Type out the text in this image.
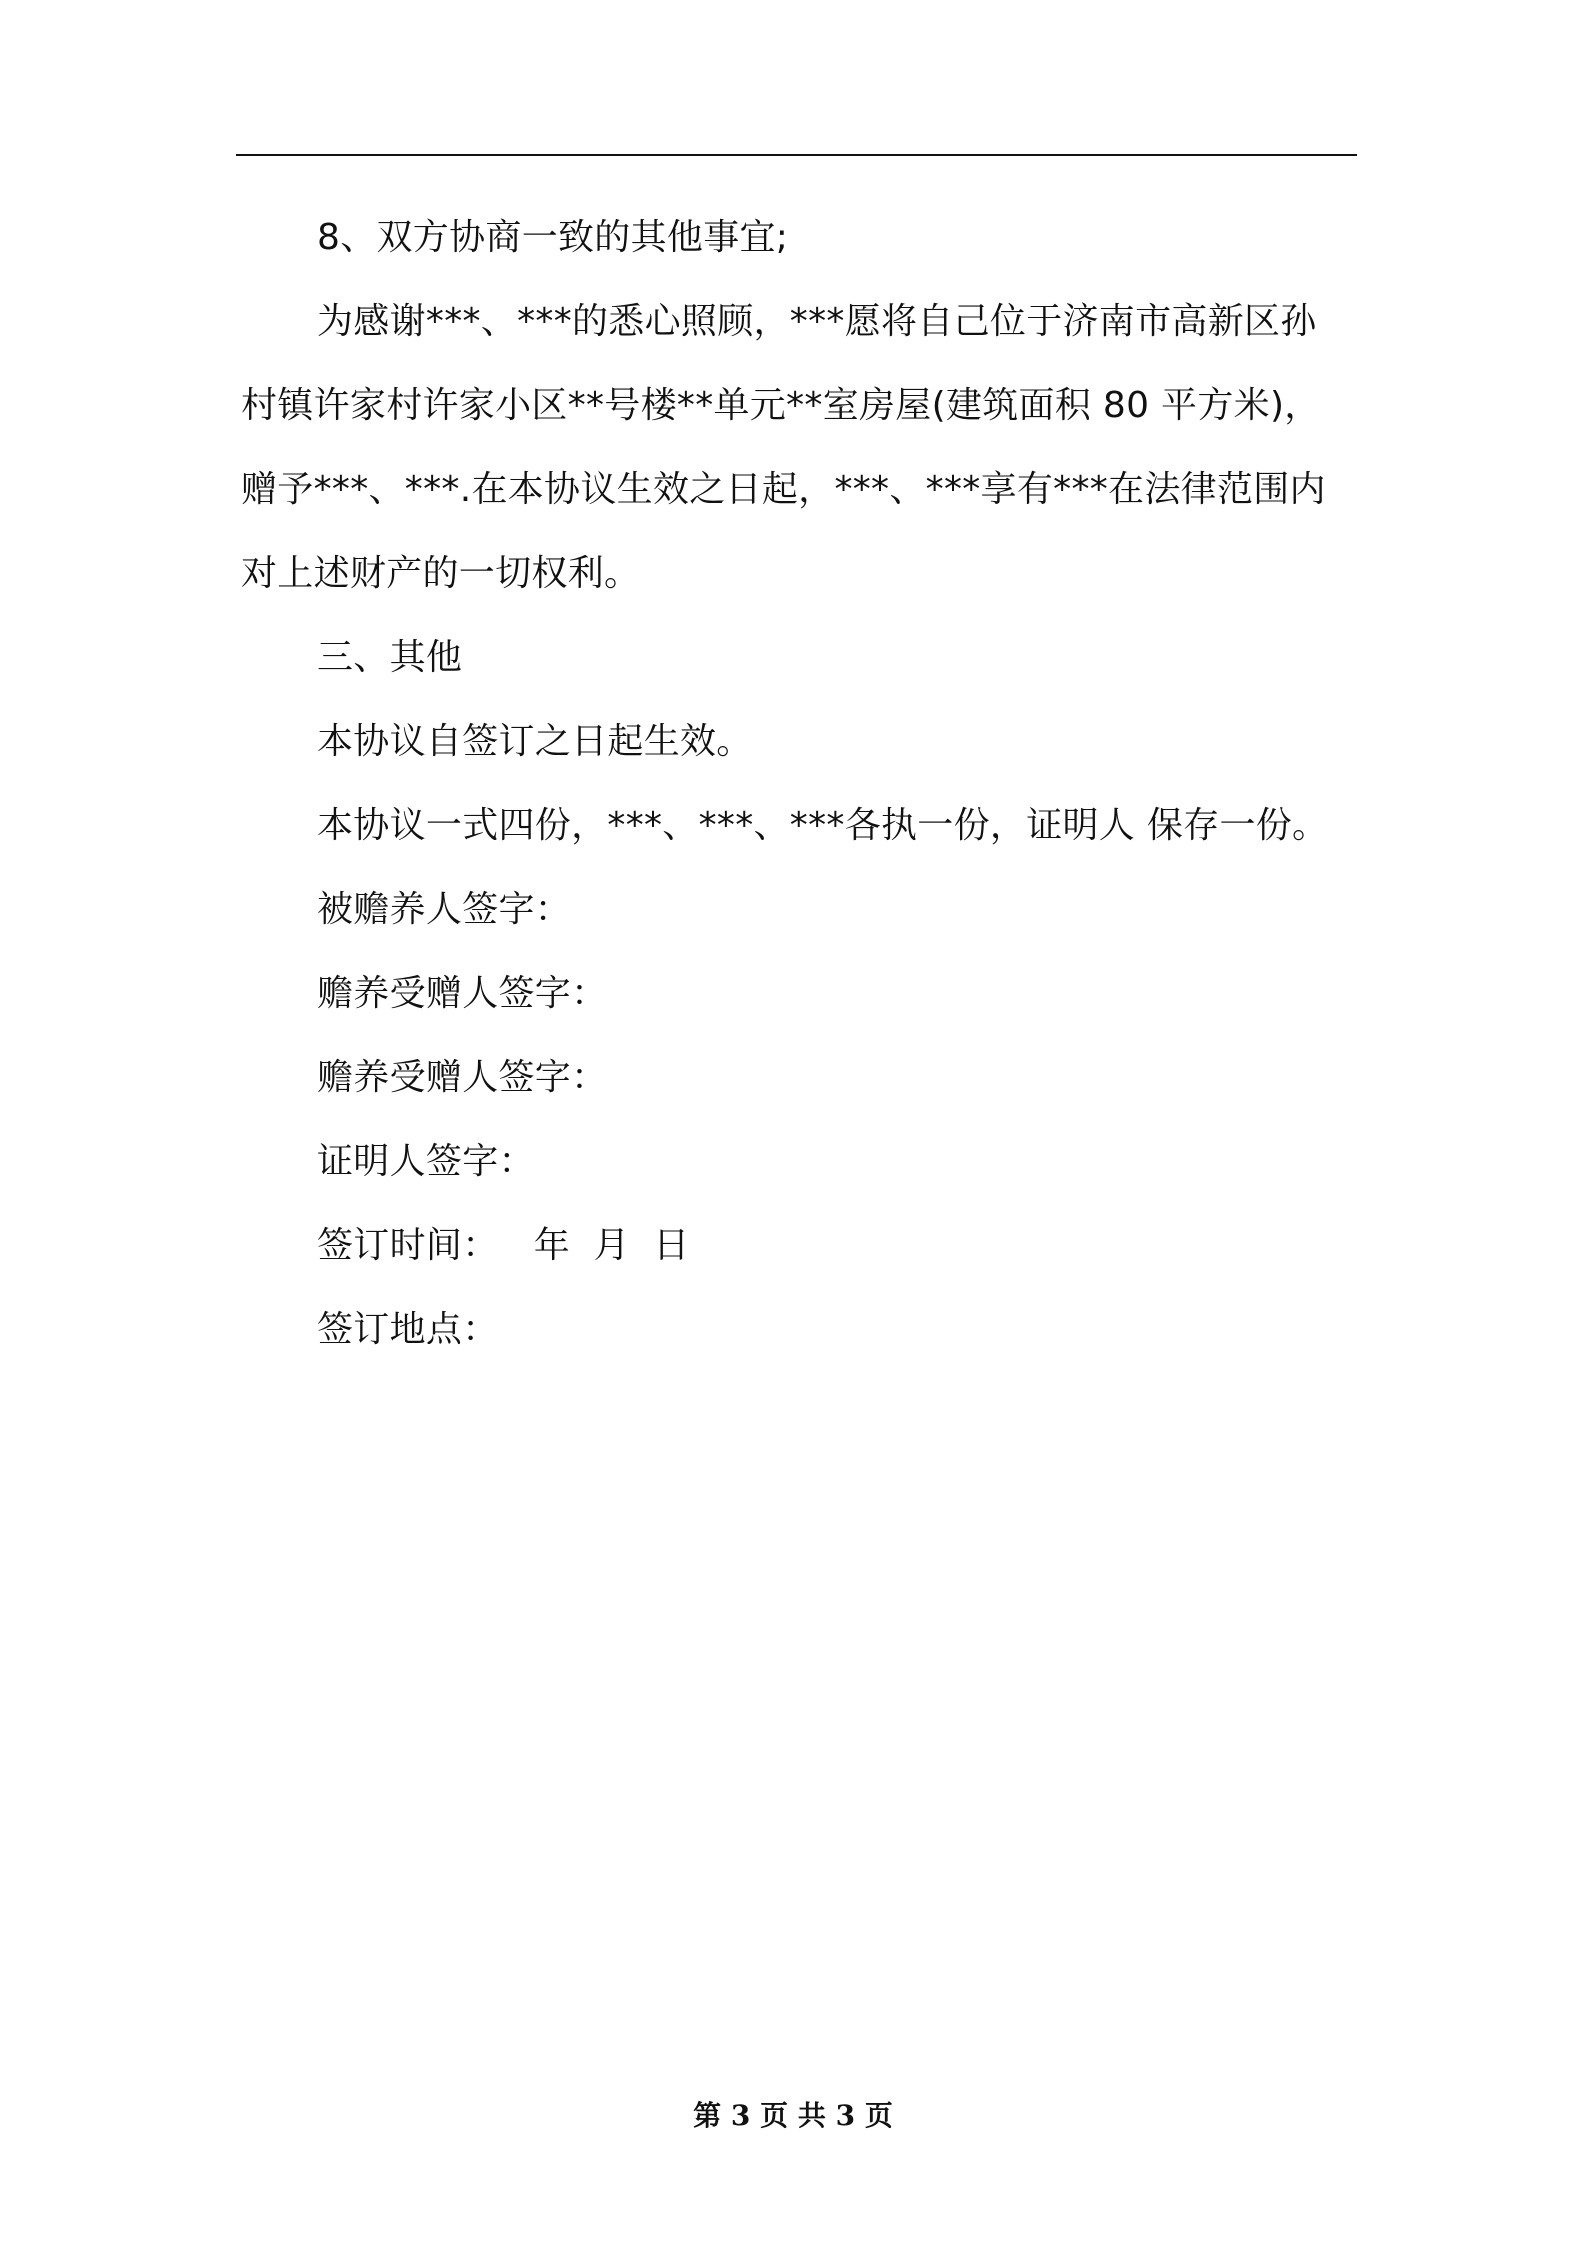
8、双方协商一致的其他事宜;
为感谢***、***的悉心照顾，***愿将自己位于济南市高新区孙
村镇许家村许家小区**号楼**单元**室房屋(建筑面积 80 平方米)，
赠予***、***.在本协议生效之日起，***、***享有***在法律范围内
对上述财产的一切权利。
三、其他
本协议自签订之日起生效。
本协议一式四份，***、***、***各执一份，证明人 保存一份。
被赡养人签字：
赡养受赠人签字：
赡养受赠人签字：
证明人签字：
签订时间：   年  月  日
签订地点：
第 3 页 共 3 页
